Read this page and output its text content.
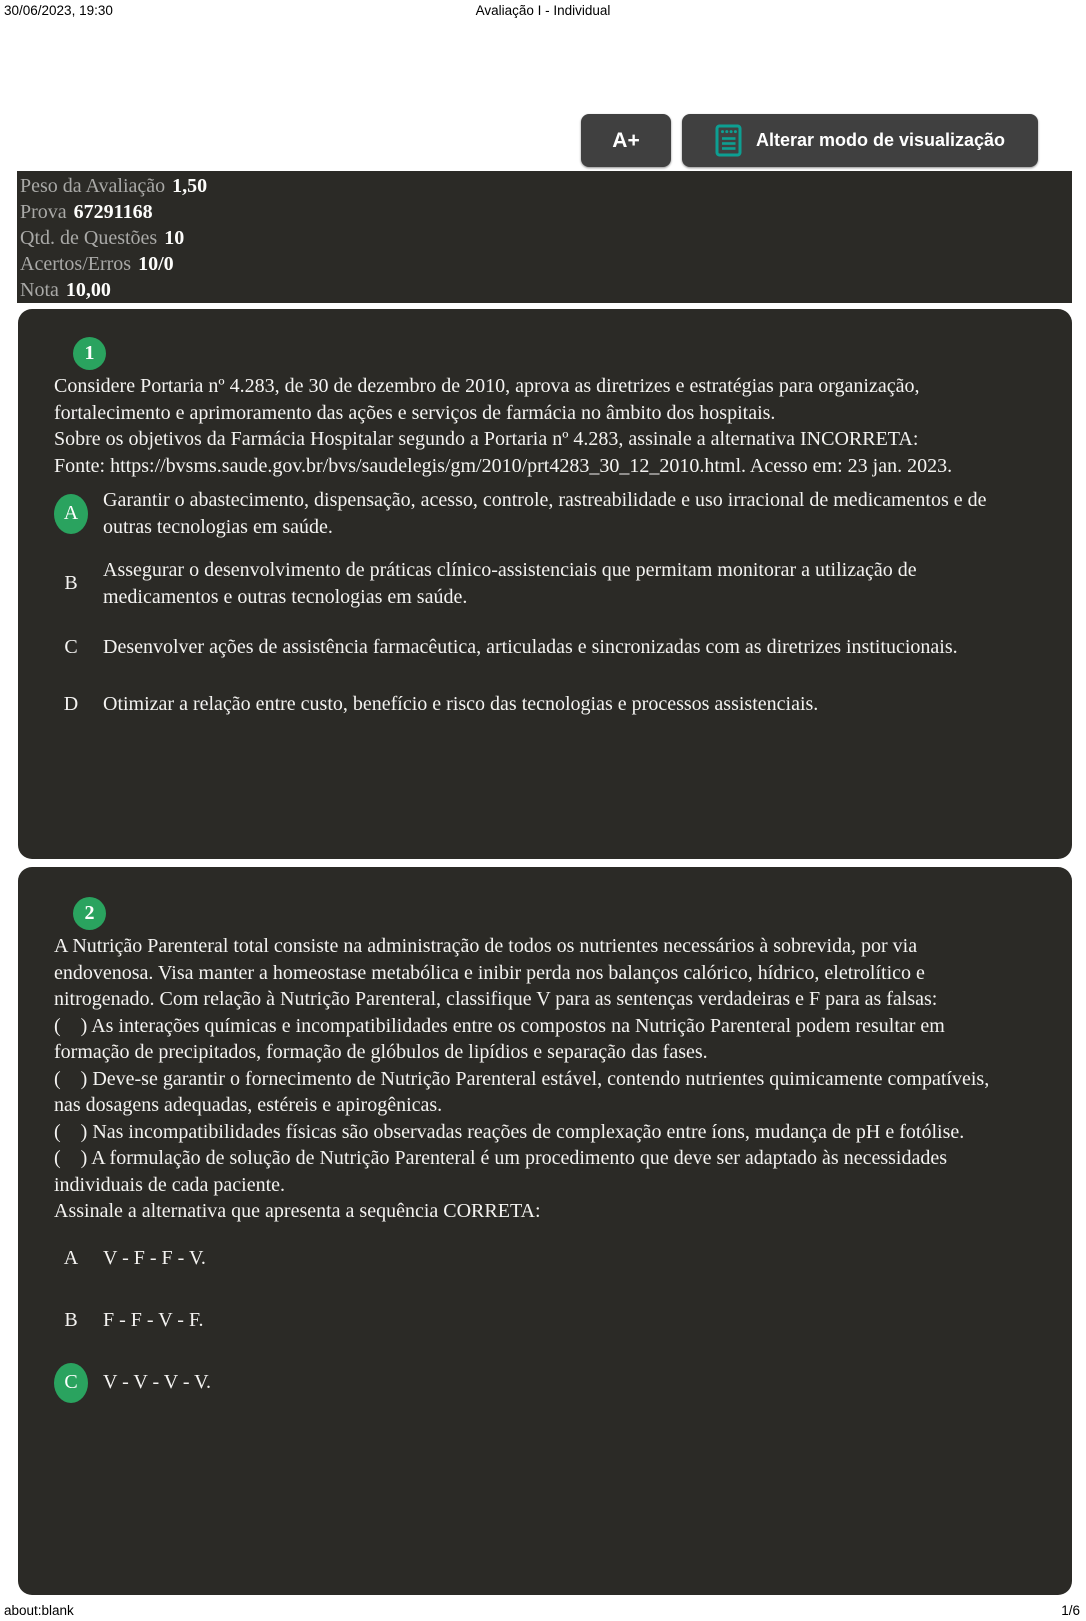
30/06/2023, 19:30	Avaliação I - Individual
A+	Alterar modo de visualização
Peso da Avaliação 1,50
Prova 67291168
Qtd. de Questões 10
Acertos/Erros 10/0
Nota 10,00
1

Considere Portaria nº 4.283, de 30 de dezembro de 2010, aprova as diretrizes e estratégias para organização, fortalecimento e aprimoramento das ações e serviços de farmácia no âmbito dos hospitais.

Sobre os objetivos da Farmácia Hospitalar segundo a Portaria nº 4.283, assinale a alternativa INCORRETA:

Fonte: https://bvsms.saude.gov.br/bvs/saudelegis/gm/2010/prt4283_30_12_2010.html. Acesso em: 23 jan. 2023.

A
Garantir o abastecimento, dispensação, acesso, controle, rastreabilidade e uso irracional de medicamentos e de outras tecnologias em saúde.
B
Assegurar o desenvolvimento de práticas clínico-assistenciais que permitam monitorar a utilização de medicamentos e outras tecnologias em saúde.
C	Desenvolver ações de assistência farmacêutica, articuladas e sincronizadas com as diretrizes institucionais.
D	Otimizar a relação entre custo, benefício e risco das tecnologias e processos assistenciais.
2

A Nutrição Parenteral total consiste na administração de todos os nutrientes necessários à sobrevida, por via endovenosa. Visa manter a homeostase metabólica e inibir perda nos balanços calórico, hídrico, eletrolítico e nitrogenado. Com relação à Nutrição Parenteral, classifique V para as sentenças verdadeiras e F para as falsas:

(    ) As interações químicas e incompatibilidades entre os compostos na Nutrição Parenteral podem resultar em formação de precipitados, formação de glóbulos de lipídios e separação das fases.

(    ) Deve-se garantir o fornecimento de Nutrição Parenteral estável, contendo nutrientes quimicamente compatíveis, nas dosagens adequadas, estéreis e apirogênicas.

(    ) Nas incompatibilidades físicas são observadas reações de complexação entre íons, mudança de pH e fotólise.

(    ) A formulação de solução de Nutrição Parenteral é um procedimento que deve ser adaptado às necessidades individuais de cada paciente.

Assinale a alternativa que apresenta a sequência CORRETA:

A	V - F - F - V.
B	F - F - V - F.
C	V - V - V - V.
about:blank	1/6
